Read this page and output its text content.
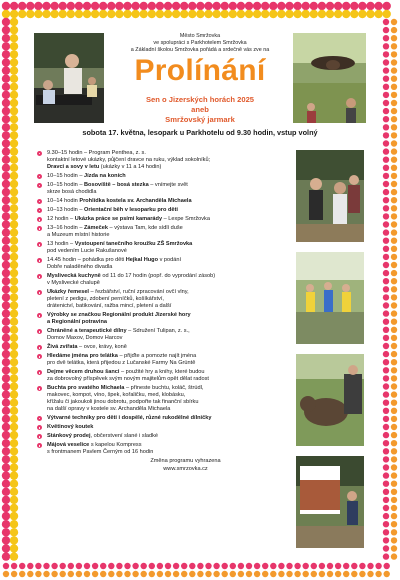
Město Smržovka
ve spolupráci s Parkhotelem Smržovka
a Základní školou Smržovka pořádá a srdečně vás zve na
Prolínání
Sen o Jizerských horách 2025
aneb
Smržovský jarmark
sobota 17. května, lesopark u Parkhotelu od 9.30 hodin, vstup volný
9.30–15 hodin – Program Penthea, z. s.
kontaktní letové ukázky, půjčení dravce na ruku, výklad sokolníků;
Dravci a sovy v letu (ukázky v 11 a 14 hodin)
10–15 hodin – Jízda na koních
10–15 hodin – Bosovíště – bosá stezka – vnímejte svět
skrze bosá chodidla
10–14 hodin Prohlídka kostela sv. Archanděla Michaela
10–13 hodin – Orientační běh v lesoparku pro děti
12 hodin – Ukázka práce se psími kamarády – Lexpe Smržovka
13–16 hodin – Zámeček – výstava Tam, kde sídlí duše
a Muzeum místní historie
13 hodin – Vystoupení tanečního kroužku ZŠ Smržovka
pod vedením Lucie Rakušanové
14.45 hodin – pohádka pro děti Hejkal Hugo v podání
Dobře naladěného divadla
Myslivecká kuchyně od 11 do 17 hodin (popř. do vyprodání zásob)
v Myslivecké chalupě
Ukázky řemesel – řezbářství, ruční zpracování ovčí vlny,
pletení z pedigu, zdobení perníčků, košíkářství,
drátenictví, batikování, ražba mincí, pletení a další
Výrobky se značkou Regionální produkt Jizerské hory
a Regionální potravina
Chráněné a terapeutické dílny – Sdružení Tulipan, z. s.,
Domov Maxov, Domov Harcov
Živá zvířata – ovce, krávy, koně
Hledáme jména pro telátka – přijďte a pomozte najít jména
pro dvě telátka, která přijedou z Lučanské Farmy Na Grüntě
Dejme věcem druhou šanci – použité hry a knihy, které budou
za dobrovolný příspěvek svým novým majitelům opět dělat radost
Buchta pro svatého Michaela – přineste buchtu, koláč, štrúdl,
makovec, kompot, víno, špek, kořaličku, med, klobásku,
křížalu či jakoukoli jinou dobrotu, podpořte tak finanční sbírku
na další opravy v kostele sv. Archanděla Michaela
Výtvarné techniky pro děti i dospělé, různé rukodělné dílničky
Květinový koutek
Stánkový prodej, občerstvení slané i sladké
Májová veselice s kapelou Kompress
s frontmanem Pavlem Černým od 16 hodin
Změna programu vyhrazena
www.smrzovka.cz
